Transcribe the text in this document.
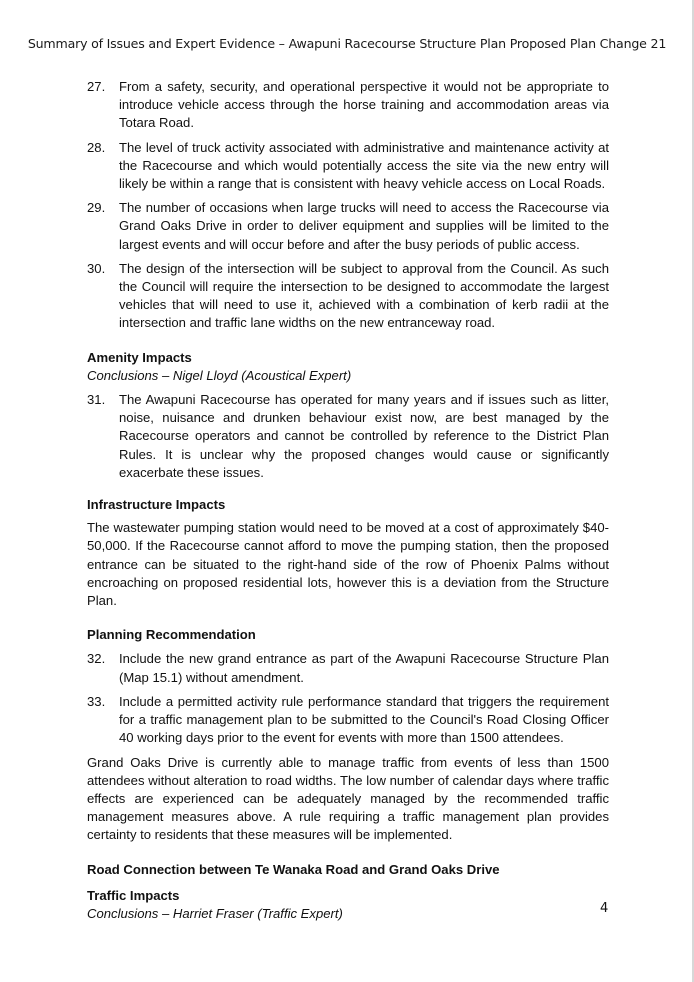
Summary of Issues and Expert Evidence – Awapuni Racecourse Structure Plan Proposed Plan Change 21
27.	From a safety, security, and operational perspective it would not be appropriate to introduce vehicle access through the horse training and accommodation areas via Totara Road.
28.	The level of truck activity associated with administrative and maintenance activity at the Racecourse and which would potentially access the site via the new entry will likely be within a range that is consistent with heavy vehicle access on Local Roads.
29.	The number of occasions when large trucks will need to access the Racecourse via Grand Oaks Drive in order to deliver equipment and supplies will be limited to the largest events and will occur before and after the busy periods of public access.
30.	The design of the intersection will be subject to approval from the Council. As such the Council will require the intersection to be designed to accommodate the largest vehicles that will need to use it, achieved with a combination of kerb radii at the intersection and traffic lane widths on the new entranceway road.
Amenity Impacts
Conclusions – Nigel Lloyd (Acoustical Expert)
31.	The Awapuni Racecourse has operated for many years and if issues such as litter, noise, nuisance and drunken behaviour exist now, are best managed by the Racecourse operators and cannot be controlled by reference to the District Plan Rules. It is unclear why the proposed changes would cause or significantly exacerbate these issues.
Infrastructure Impacts

The wastewater pumping station would need to be moved at a cost of approximately $40-50,000. If the Racecourse cannot afford to move the pumping station, then the proposed entrance can be situated to the right-hand side of the row of Phoenix Palms without encroaching on proposed residential lots, however this is a deviation from the Structure Plan.

Planning Recommendation
32.	Include the new grand entrance as part of the Awapuni Racecourse Structure Plan (Map 15.1) without amendment.
33.	Include a permitted activity rule performance standard that triggers the requirement for a traffic management plan to be submitted to the Council's Road Closing Officer 40 working days prior to the event for events with more than 1500 attendees.

Grand Oaks Drive is currently able to manage traffic from events of less than 1500 attendees without alteration to road widths. The low number of calendar days where traffic effects are experienced can be adequately managed by the recommended traffic management measures above. A rule requiring a traffic management plan provides certainty to residents that these measures will be implemented.

Road Connection between Te Wanaka Road and Grand Oaks Drive
Traffic Impacts
Conclusions – Harriet Fraser (Traffic Expert)	4
